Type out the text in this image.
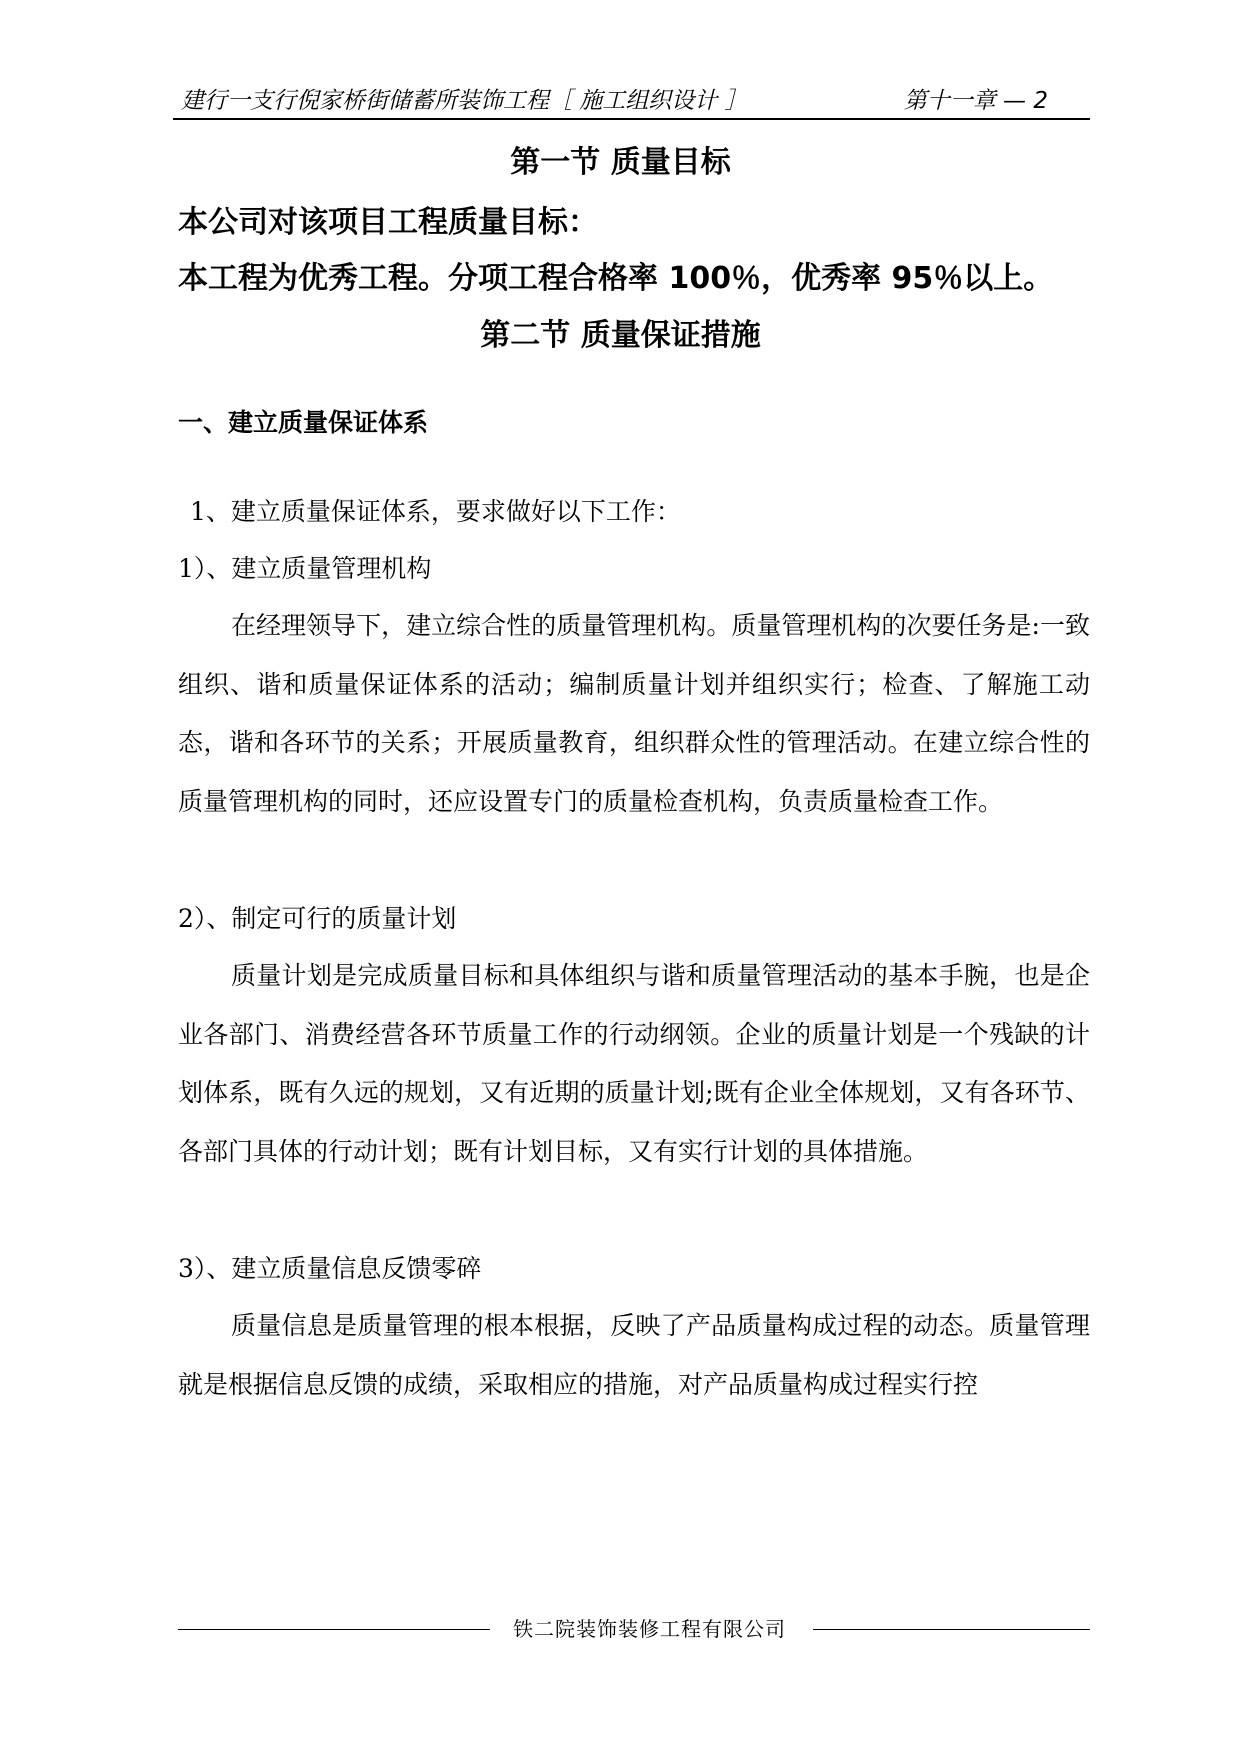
建行一支行倪家桥街储蓄所装饰工程［ 施工组织设计 ］	第十一章 — 2
第一节 质量目标
本公司对该项目工程质量目标：
本工程为优秀工程。分项工程合格率 100％，优秀率 95％以上。
第二节 质量保证措施
一、建立质量保证体系
1、建立质量保证体系，要求做好以下工作：
1）、建立质量管理机构
在经理领导下，建立综合性的质量管理机构。质量管理机构的次要任务是:一致组织、谐和质量保证体系的活动；编制质量计划并组织实行；检查、了解施工动态，谐和各环节的关系；开展质量教育，组织群众性的管理活动。在建立综合性的质量管理机构的同时，还应设置专门的质量检查机构，负责质量检查工作。
2）、制定可行的质量计划
质量计划是完成质量目标和具体组织与谐和质量管理活动的基本手腕，也是企业各部门、消费经营各环节质量工作的行动纲领。企业的质量计划是一个残缺的计划体系，既有久远的规划，又有近期的质量计划;既有企业全体规划，又有各环节、各部门具体的行动计划；既有计划目标，又有实行计划的具体措施。
3）、建立质量信息反馈零碎
质量信息是质量管理的根本根据，反映了产品质量构成过程的动态。质量管理就是根据信息反馈的成绩，采取相应的措施，对产品质量构成过程实行控
铁二院装饰装修工程有限公司
